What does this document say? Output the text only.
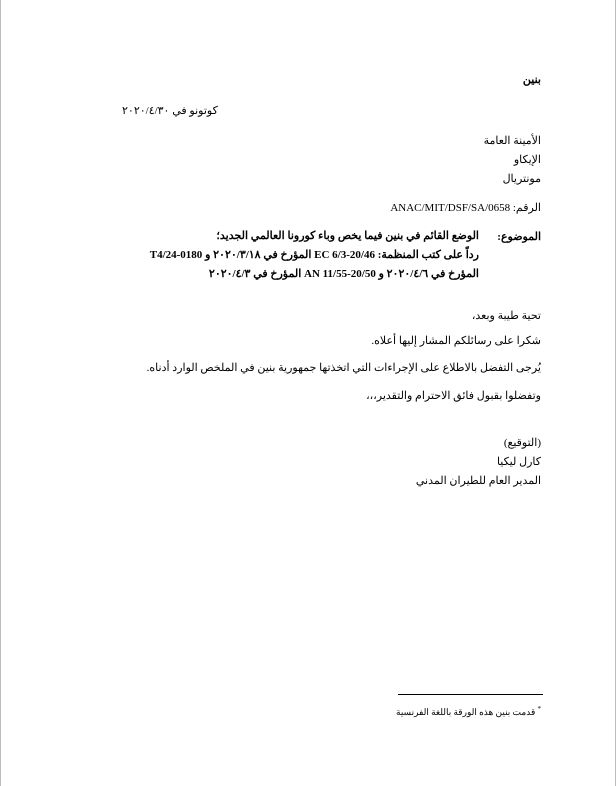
بنين
كوتونو في ٢٠٢٠/٤/٣٠
الأمينة العامة
الإيكاو
مونتريال
الرقم: 0658/ANAC/MIT/DSF/SA
الموضوع:
الوضع القائم في بنين فيما يخص وباء كورونا العالمي الجديد؛
رداً على كتب المنظمة: EC 6/3-20/46 المؤرخ في ٢٠٢٠/٣/١٨ و T4/24-0180
المؤرخ في ٢٠٢٠/٤/٦ و AN 11/55-20/50 المؤرخ في ٢٠٢٠/٤/٣
تحية طيبة وبعد،
شكرا على رسائلكم المشار إليها أعلاه.
يُرجى التفضل بالاطلاع على الإجراءات التي اتخذتها جمهورية بنين في الملخص الوارد أدناه.
وتفضلوا بقبول فائق الاحترام والتقدير،،،
(التوقيع)
كارل ليكيا
المدير العام للطيران المدني
* قدمت بنين هذه الورقة باللغة الفرنسية
